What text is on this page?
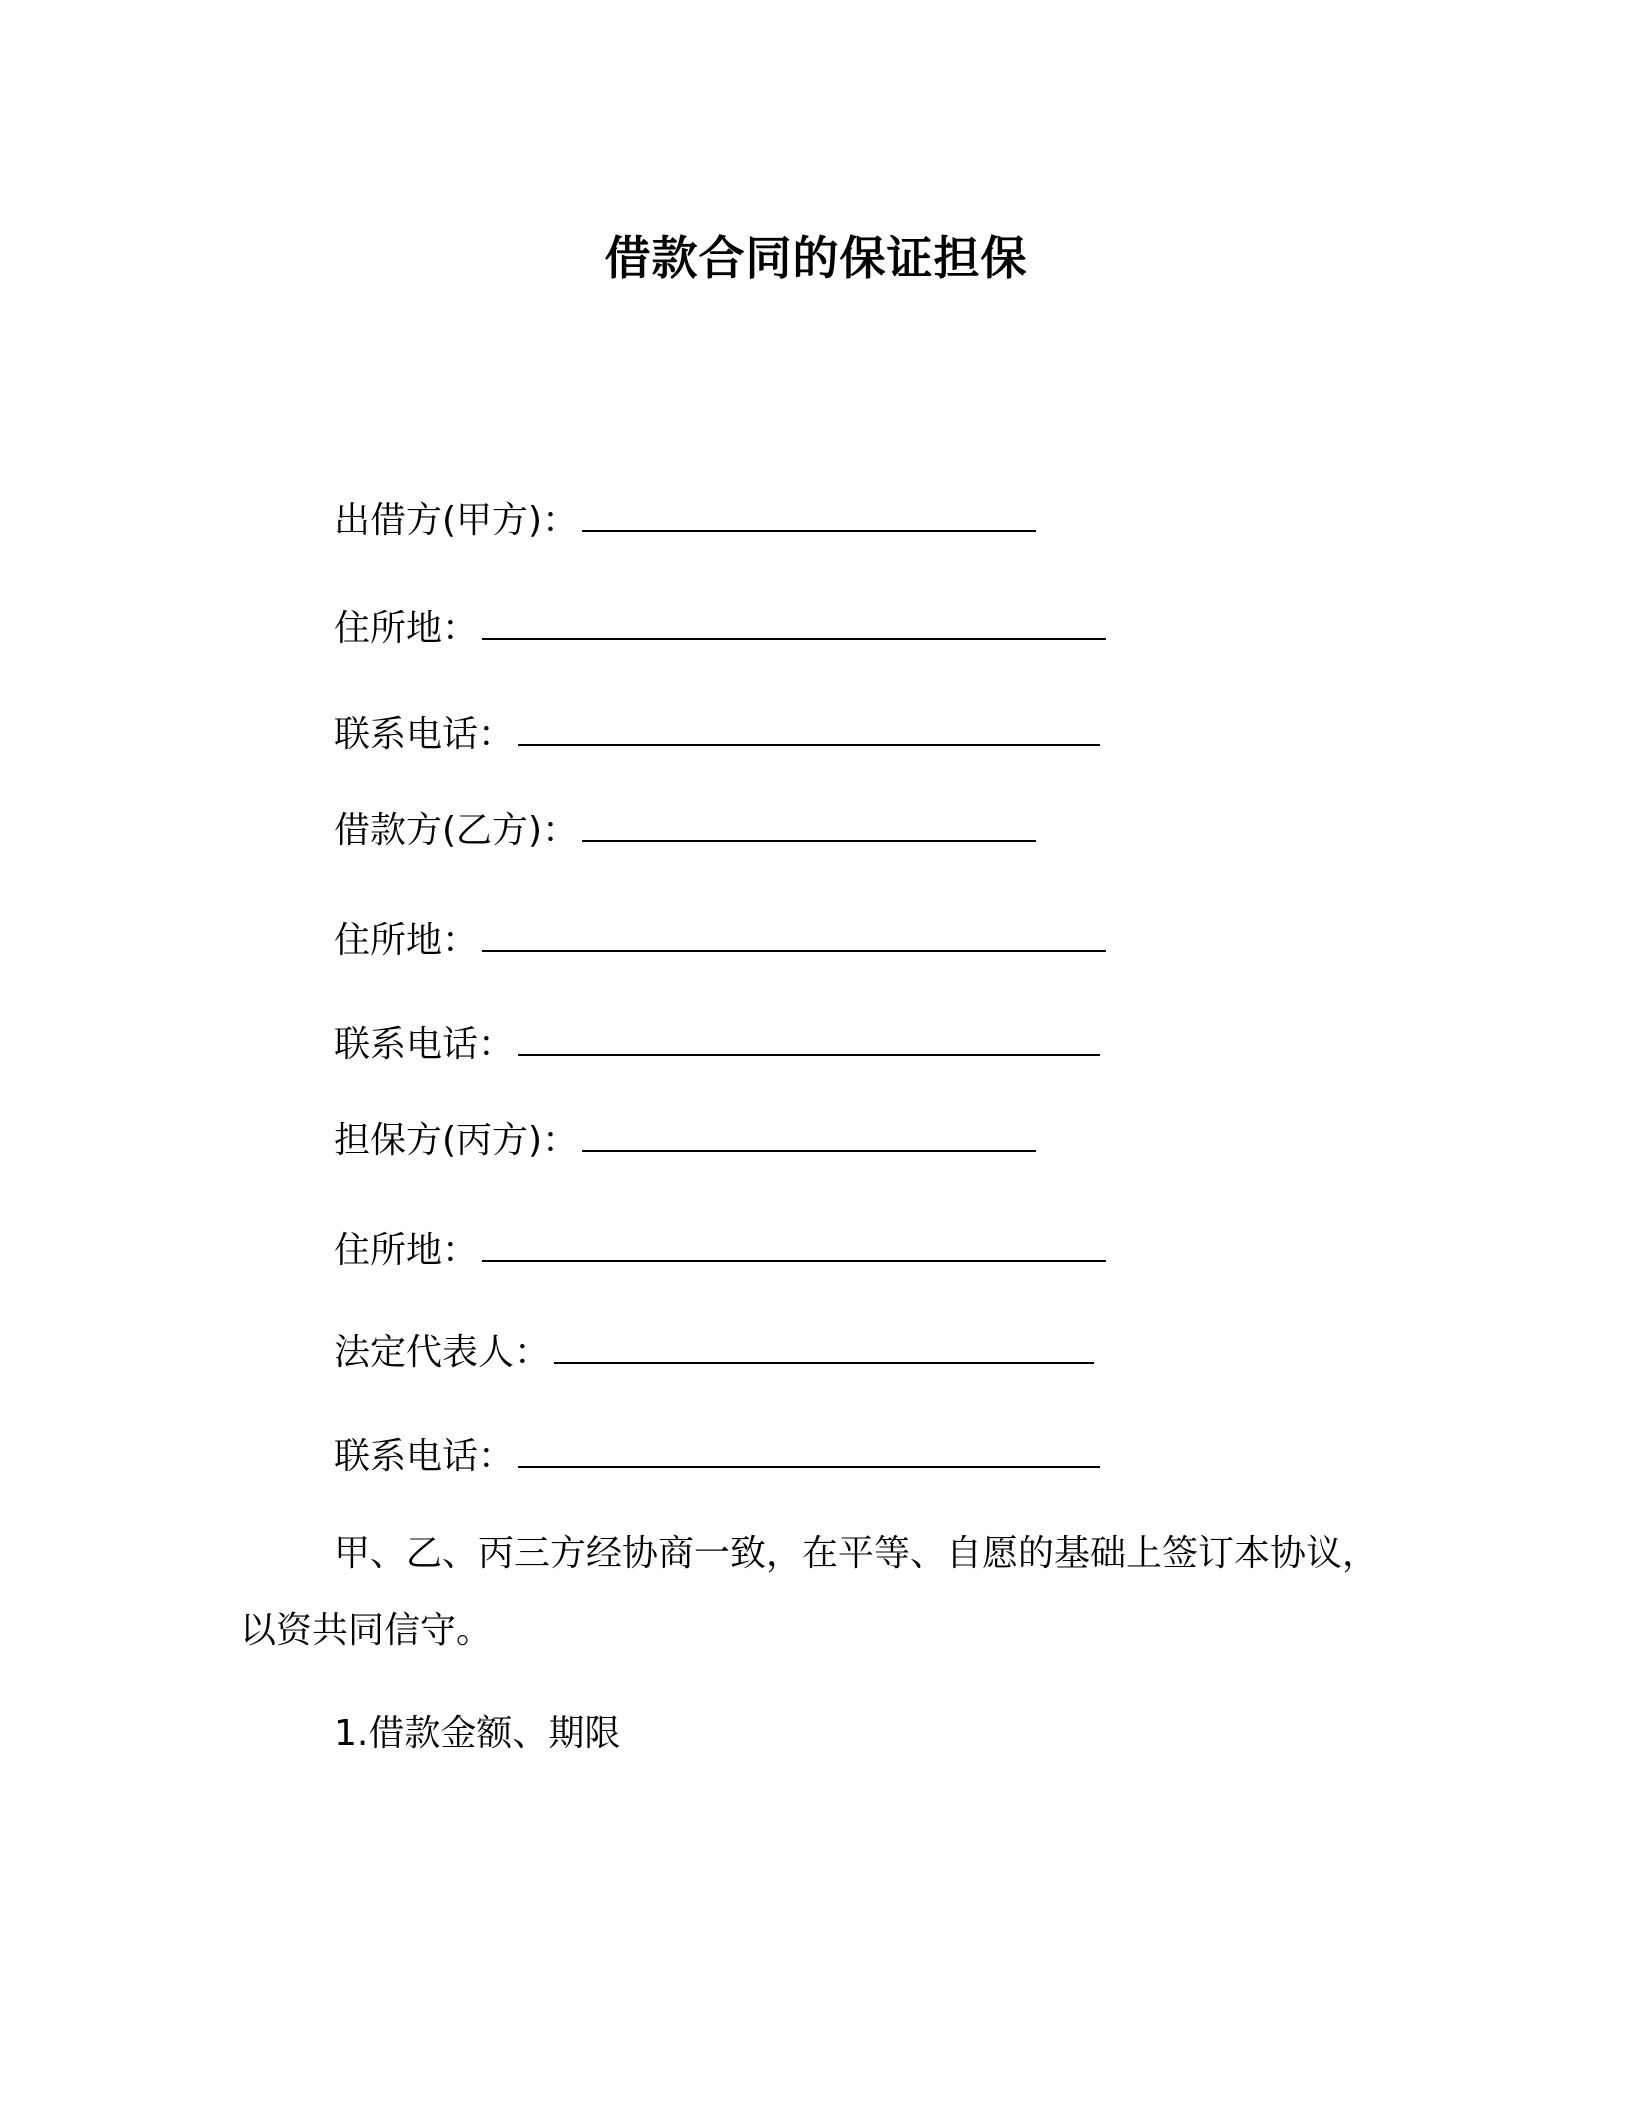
借款合同的保证担保
出借方(甲方)：
住所地：
联系电话：
借款方(乙方)：
住所地：
联系电话：
担保方(丙方)：
住所地：
法定代表人：
联系电话：
甲、乙、丙三方经协商一致，在平等、自愿的基础上签订本协议，
以资共同信守。
1.借款金额、期限
